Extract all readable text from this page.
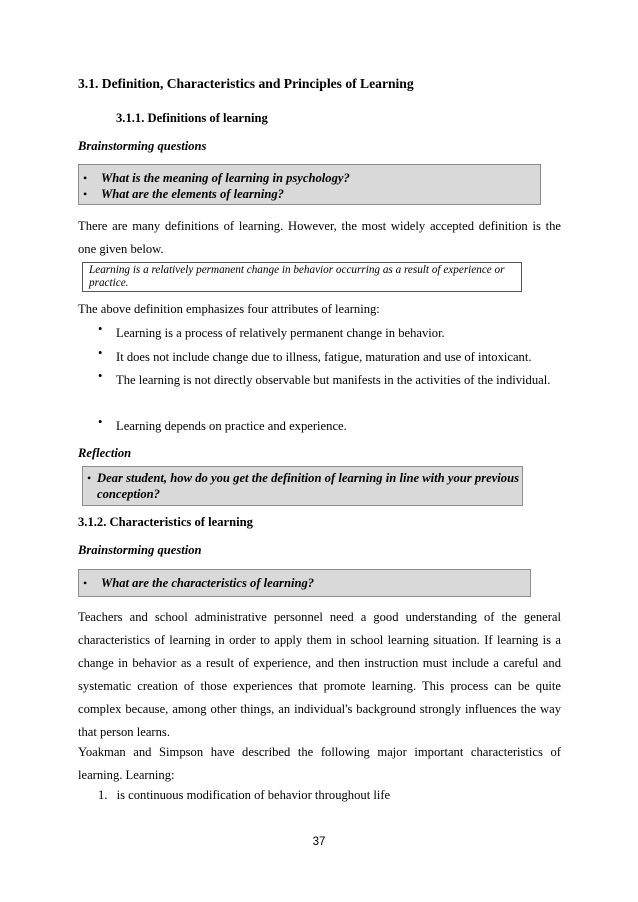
3.1. Definition, Characteristics and Principles of Learning
3.1.1. Definitions of learning
Brainstorming questions
• What is the meaning of learning in psychology?
• What are the elements of learning?
There are many definitions of learning. However, the most widely accepted definition is the one given below.
Learning is a relatively permanent change in behavior occurring as a result of experience or practice.
The above definition emphasizes four attributes of learning:
• Learning is a process of relatively permanent change in behavior.
• It does not include change due to illness, fatigue, maturation and use of intoxicant.
• The learning is not directly observable but manifests in the activities of the individual.
• Learning depends on practice and experience.
Reflection
• Dear student, how do you get the definition of learning in line with your previous conception?
3.1.2. Characteristics of learning
Brainstorming question
• What are the characteristics of learning?
Teachers and school administrative personnel need a good understanding of the general characteristics of learning in order to apply them in school learning situation. If learning is a change in behavior as a result of experience, and then instruction must include a careful and systematic creation of those experiences that promote learning. This process can be quite complex because, among other things, an individual's background strongly influences the way that person learns.
Yoakman and Simpson have described the following major important characteristics of learning. Learning:
1. is continuous modification of behavior throughout life
37
